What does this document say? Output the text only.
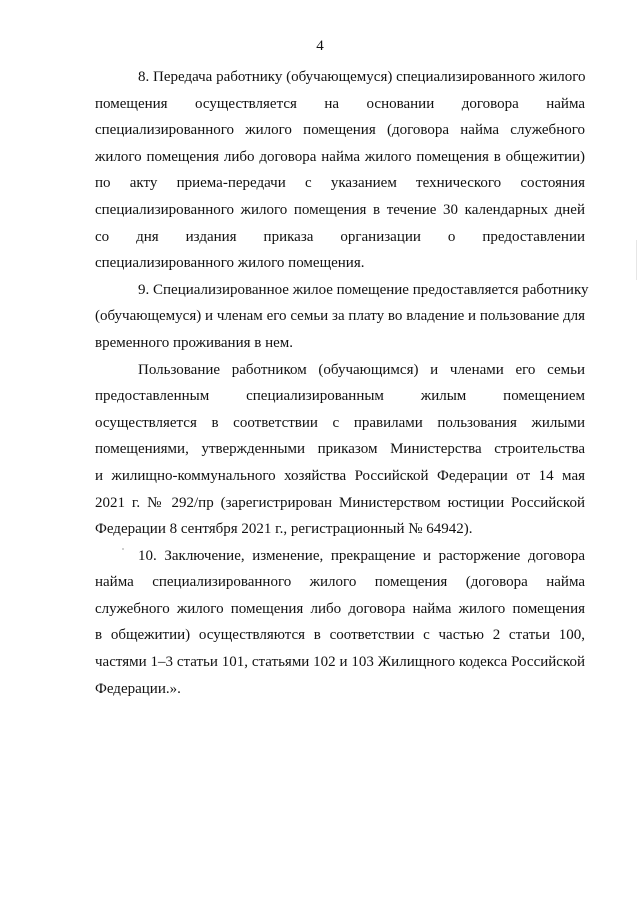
4
8. Передача работнику (обучающемуся) специализированного жилого
помещения осуществляется на основании договора найма
специализированного жилого помещения (договора найма служебного
жилого помещения либо договора найма жилого помещения в общежитии)
по акту приема-передачи с указанием технического состояния
специализированного жилого помещения в течение 30 календарных дней
со дня издания приказа организации о предоставлении
специализированного жилого помещения.
9. Специализированное жилое помещение предоставляется работнику
(обучающемуся) и членам его семьи за плату во владение и пользование для
временного проживания в нем.
Пользование работником (обучающимся) и членами его семьи
предоставленным специализированным жилым помещением
осуществляется в соответствии с правилами пользования жилыми
помещениями, утвержденными приказом Министерства строительства
и жилищно-коммунального хозяйства Российской Федерации от 14 мая
2021 г. № 292/пр (зарегистрирован Министерством юстиции Российской
Федерации 8 сентября 2021 г., регистрационный № 64942).
10. Заключение, изменение, прекращение и расторжение договора
найма специализированного жилого помещения (договора найма
служебного жилого помещения либо договора найма жилого помещения
в общежитии) осуществляются в соответствии с частью 2 статьи 100,
частями 1–3 статьи 101, статьями 102 и 103 Жилищного кодекса Российской
Федерации.».
